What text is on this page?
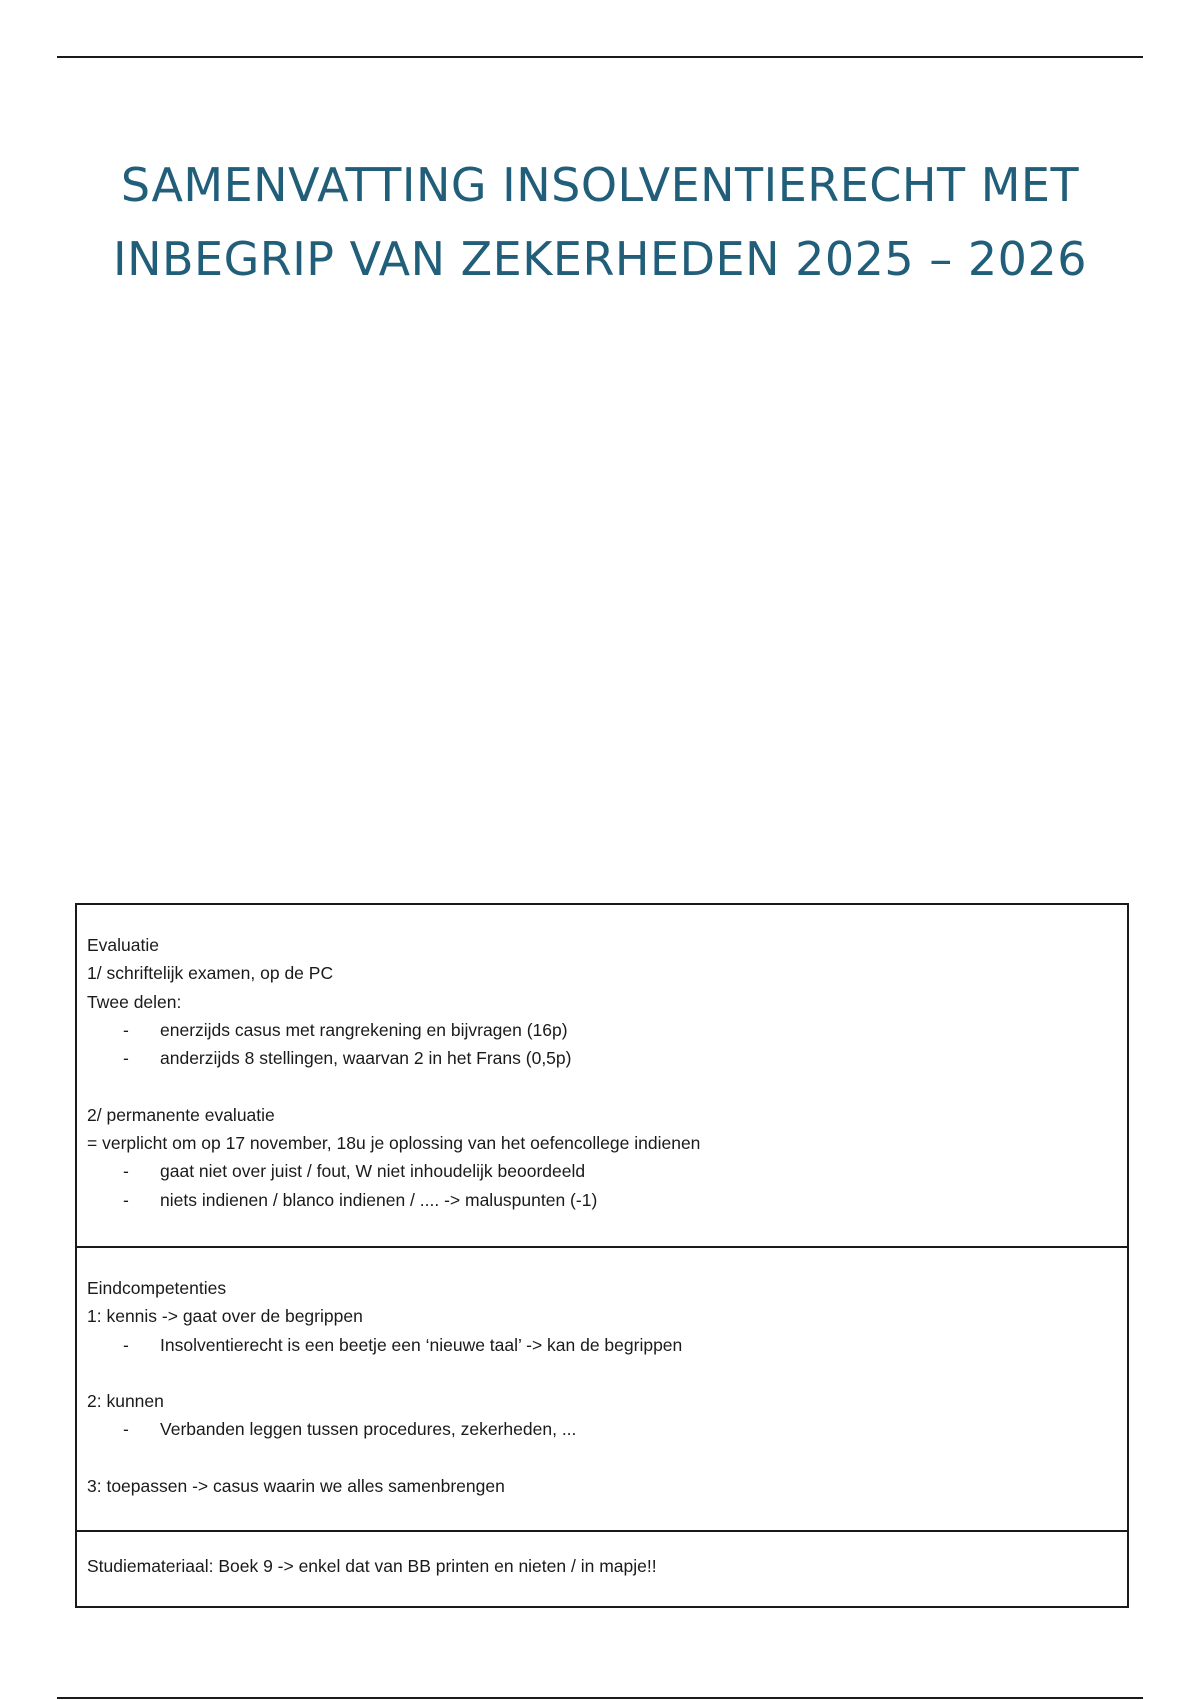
SAMENVATTING INSOLVENTIERECHT MET
INBEGRIP VAN ZEKERHEDEN 2025 – 2026
Evaluatie
1/ schriftelijk examen, op de PC
Twee delen:
- enerzijds casus met rangrekening en bijvragen (16p)
- anderzijds 8 stellingen, waarvan 2 in het Frans (0,5p)
2/ permanente evaluatie
= verplicht om op 17 november, 18u je oplossing van het oefencollege indienen
- gaat niet over juist / fout, W niet inhoudelijk beoordeeld
- niets indienen / blanco indienen / .... -> maluspunten (-1)
Eindcompetenties
1: kennis -> gaat over de begrippen
- Insolventierecht is een beetje een ‘nieuwe taal’ -> kan de begrippen
2: kunnen
- Verbanden leggen tussen procedures, zekerheden, ...
3: toepassen -> casus waarin we alles samenbrengen
Studiemateriaal: Boek 9 -> enkel dat van BB printen en nieten / in mapje!!
